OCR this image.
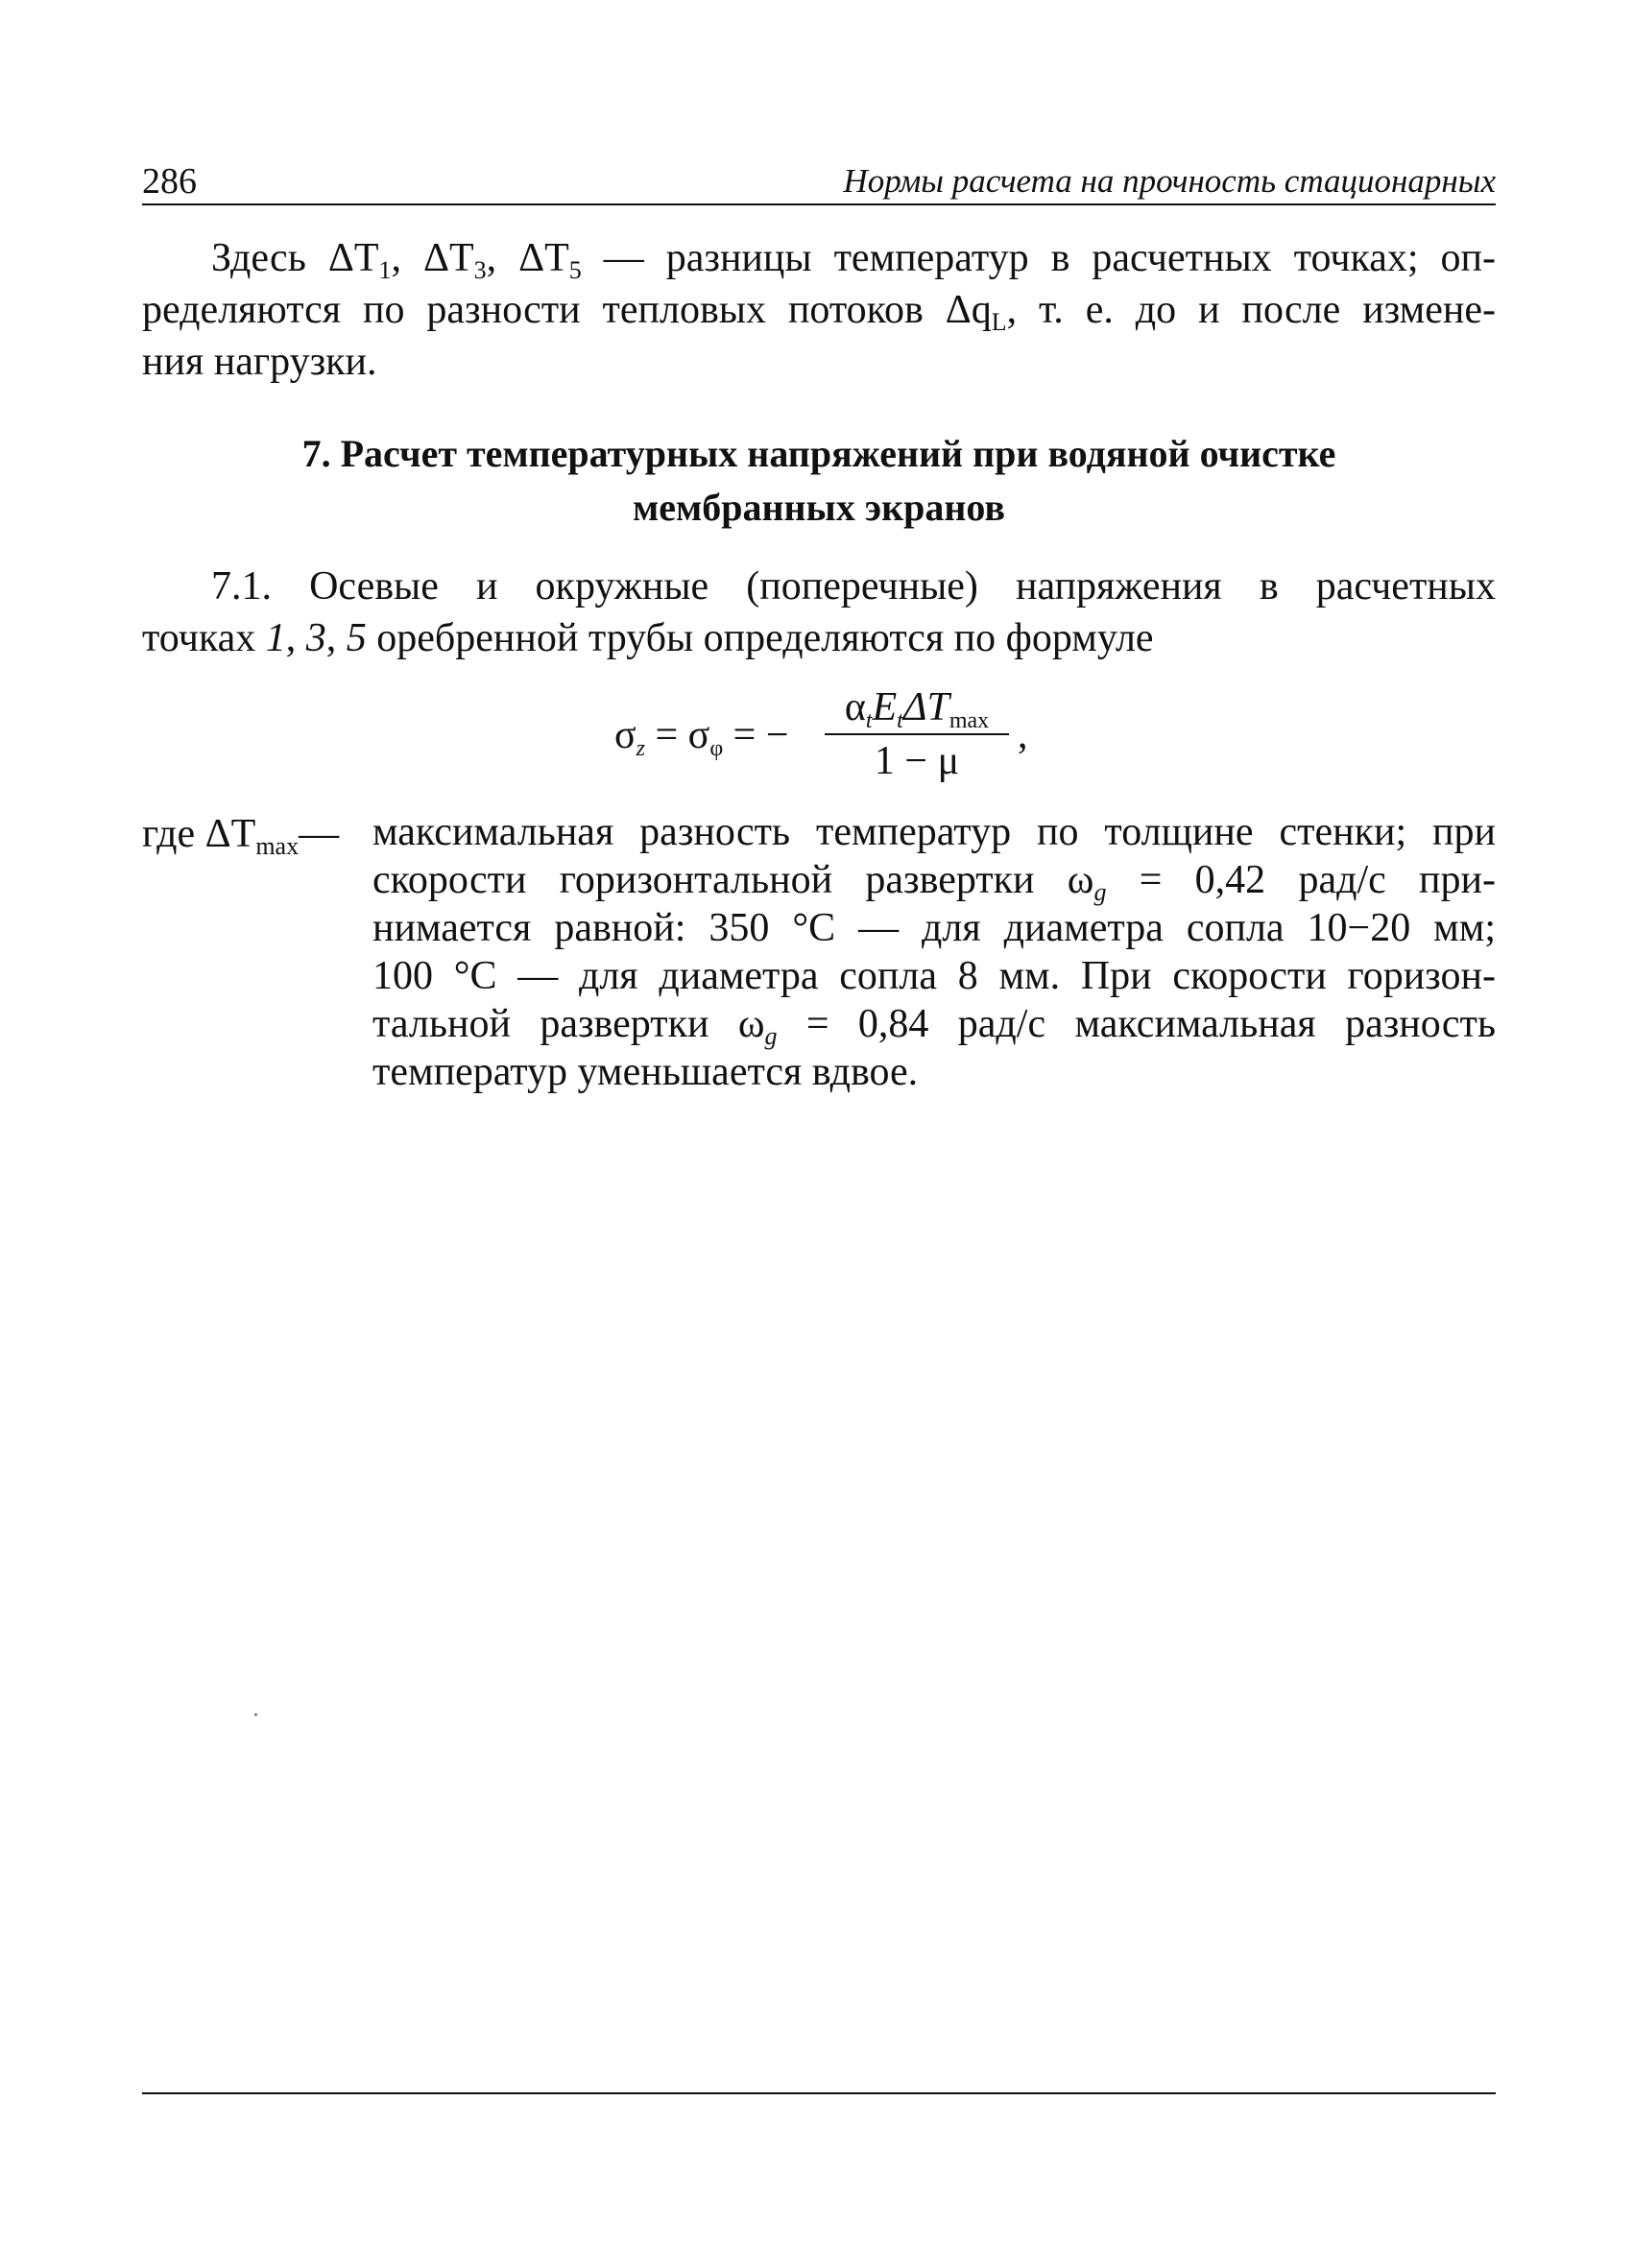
286	Нормы расчета на прочность стационарных
Здесь $\Delta T_1$, $\Delta T_3$, $\Delta T_5$ — разницы температур в расчетных точках; оп-
ределяются по разности тепловых потоков $\Delta q_L$, т. е. до и после измене-
ния нагрузки.
7. Расчет температурных напряжений при водяной очистке
мембранных экранов
7.1. Осевые и окружные (поперечные) напряжения в расчетных
точках 1, 3, 5 оребренной трубы определяются по формуле
σz = σφ = −
αtEtΔTmax
1 − μ
,
где $\Delta T_{max}—$ максимальная разность температур по толщине стенки; при
скорости горизонтальной развертки $\omega_g = 0,42$ рад/с при-
нимается равной: 350 °С — для диаметра сопла 10−20 мм;
100 °С — для диаметра сопла 8 мм. При скорости горизон-
тальной развертки $\omega_g = 0,84$ рад/с максимальная разность
температур уменьшается вдвое.
